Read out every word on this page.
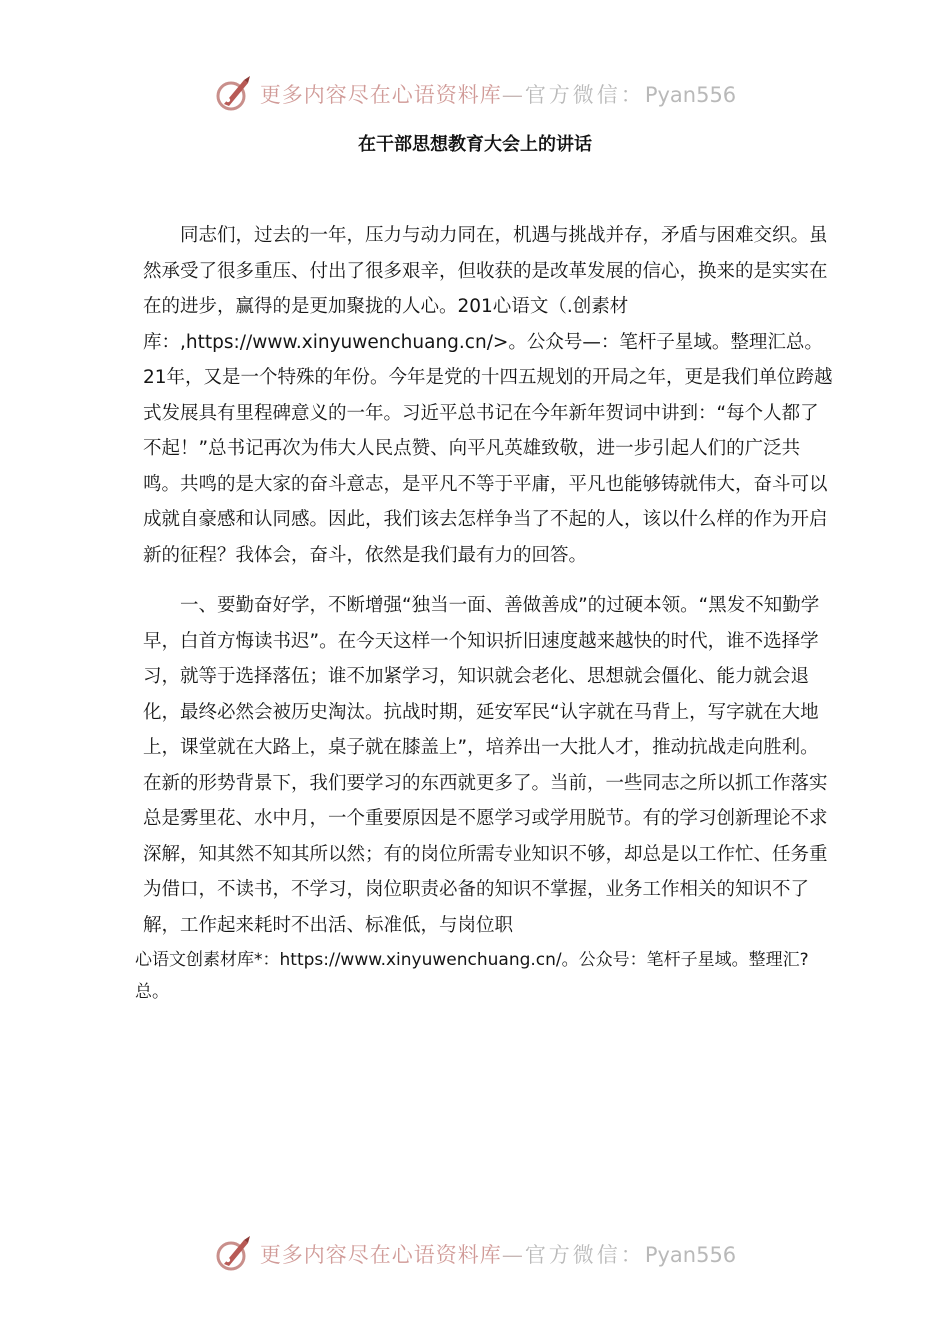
更多内容尽在心语资料库—官方微信：Pyan556
在干部思想教育大会上的讲话

同志们，过去的一年，压力与动力同在，机遇与挑战并存，矛盾与困难交织。虽然承受了很多重压、付出了很多艰辛，但收获的是改革发展的信心，换来的是实实在在的进步，赢得的是更加聚拢的人心。201心语文（.创素材库：,https://www.xinyuwenchuang.cn/>。公众号—：笔杆子星域。整理汇总。21年，又是一个特殊的年份。今年是党的十四五规划的开局之年，更是我们单位跨越式发展具有里程碑意义的一年。习近平总书记在今年新年贺词中讲到：“每个人都了不起！”总书记再次为伟大人民点赞、向平凡英雄致敬，进一步引起人们的广泛共鸣。共鸣的是大家的奋斗意志，是平凡不等于平庸，平凡也能够铸就伟大，奋斗可以成就自豪感和认同感。因此，我们该去怎样争当了不起的人，该以什么样的作为开启新的征程？我体会，奋斗，依然是我们最有力的回答。

一、要勤奋好学，不断增强“独当一面、善做善成”的过硬本领。“黑发不知勤学早，白首方悔读书迟”。在今天这样一个知识折旧速度越来越快的时代，谁不选择学习，就等于选择落伍；谁不加紧学习，知识就会老化、思想就会僵化、能力就会退化，最终必然会被历史淘汰。抗战时期，延安军民“认字就在马背上，写字就在大地上，课堂就在大路上，桌子就在膝盖上”，培养出一大批人才，推动抗战走向胜利。在新的形势背景下，我们要学习的东西就更多了。当前，一些同志之所以抓工作落实总是雾里花、水中月，一个重要原因是不愿学习或学用脱节。有的学习创新理论不求深解，知其然不知其所以然；有的岗位所需专业知识不够，却总是以工作忙、任务重为借口，不读书，不学习，岗位职责必备的知识不掌握，业务工作相关的知识不了解，工作起来耗时不出活、标准低，与岗位职

心语文创素材库*：https://www.xinyuwenchuang.cn/。公众号：笔杆子星域。整理汇?总。
更多内容尽在心语资料库—官方微信：Pyan556
